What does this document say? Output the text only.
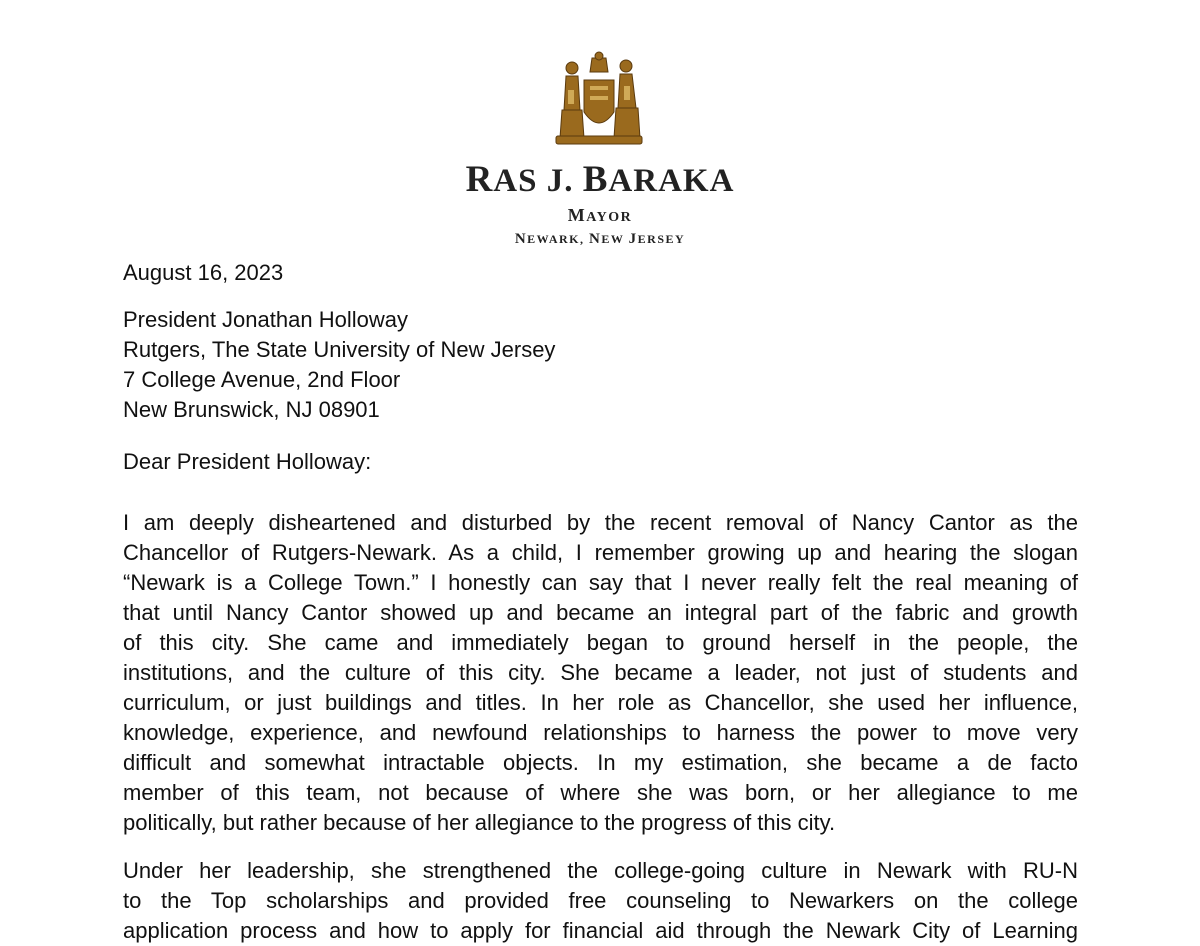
RAS J. BARAKA
MAYOR
NEWARK, NEW JERSEY
August 16, 2023
President Jonathan Holloway
Rutgers, The State University of New Jersey
7 College Avenue, 2nd Floor
New Brunswick, NJ 08901
Dear President Holloway:
I am deeply disheartened and disturbed by the recent removal of Nancy Cantor as the
Chancellor of Rutgers-Newark. As a child, I remember growing up and hearing the slogan
“Newark is a College Town.” I honestly can say that I never really felt the real meaning of
that until Nancy Cantor showed up and became an integral part of the fabric and growth
of this city. She came and immediately began to ground herself in the people, the
institutions, and the culture of this city. She became a leader, not just of students and
curriculum, or just buildings and titles. In her role as Chancellor, she used her influence,
knowledge, experience, and newfound relationships to harness the power to move very
difficult and somewhat intractable objects. In my estimation, she became a de facto
member of this team, not because of where she was born, or her allegiance to me
politically, but rather because of her allegiance to the progress of this city.
Under her leadership, she strengthened the college-going culture in Newark with RU-N
to the Top scholarships and provided free counseling to Newarkers on the college
application process and how to apply for financial aid through the Newark City of Learning
